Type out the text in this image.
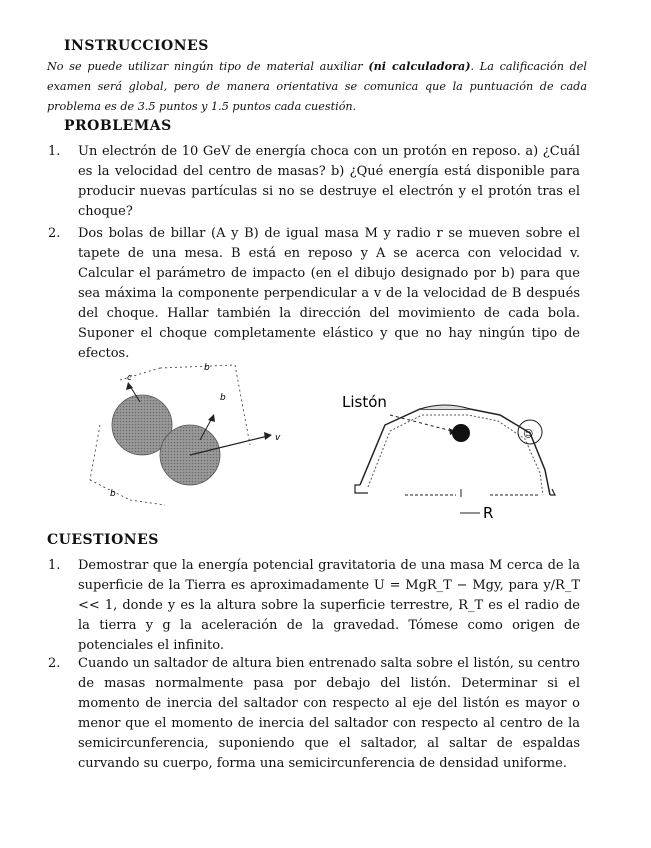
INSTRUCCIONES
No se puede utilizar ningún tipo de material auxiliar (ni calculadora). La calificación del examen será global, pero de manera orientativa se comunica que la puntuación de cada problema es de 3.5 puntos y 1.5 puntos cada cuestión.
PROBLEMAS
1.	Un electrón de 10 GeV de energía choca con un protón en reposo. a) ¿Cuál es la velocidad del centro de masas? b) ¿Qué energía está disponible para producir nuevas partículas si no se destruye el electrón y el protón tras el choque?
2.	Dos bolas de billar (A y B) de igual masa M y radio r se mueven sobre el tapete de una mesa. B está en reposo y A se acerca con velocidad v. Calcular el parámetro de impacto (en el dibujo designado por b) para que sea máxima la componente perpendicular a v de la velocidad de B después del choque. Hallar también la dirección del movimiento de cada bola. Suponer el choque completamente elástico y que no hay ningún tipo de efectos.
v
b
b
b
c
Listón
☺
R
CUESTIONES
1.	Demostrar que la energía potencial gravitatoria de una masa M cerca de la superficie de la Tierra es aproximadamente U = MgR_T − Mgy, para y/R_T << 1, donde y es la altura sobre la superficie terrestre, R_T es el radio de la tierra y g la aceleración de la gravedad. Tómese como origen de potenciales el infinito.
2.	Cuando un saltador de altura bien entrenado salta sobre el listón, su centro de masas normalmente pasa por debajo del listón. Determinar si el momento de inercia del saltador con respecto al eje del listón es mayor o menor que el momento de inercia del saltador con respecto al centro de la semicircunferencia, suponiendo que el saltador, al saltar de espaldas curvando su cuerpo, forma una semicircunferencia de densidad uniforme.
